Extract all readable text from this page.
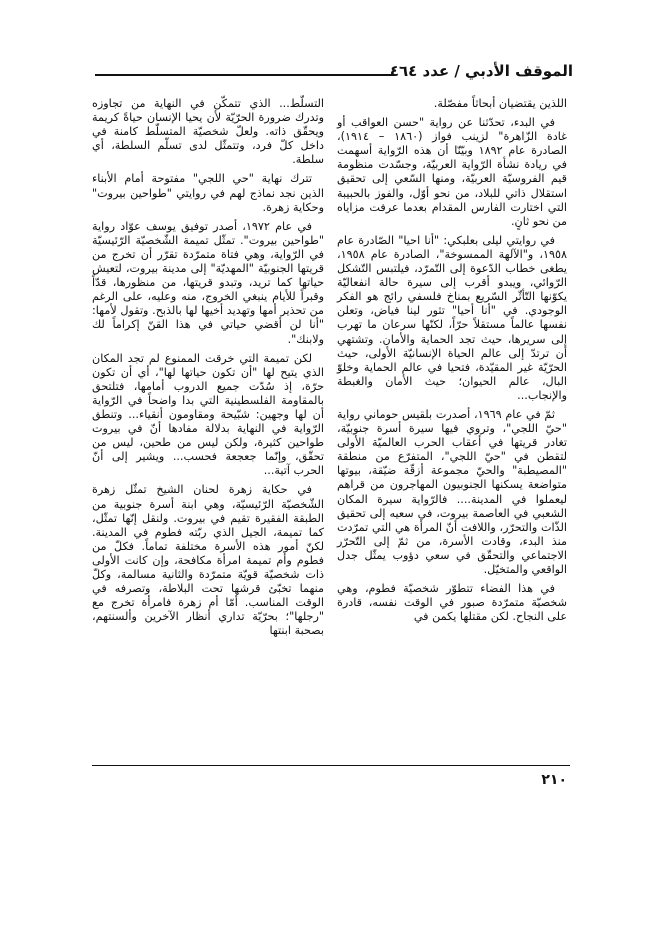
الموقف الأدبي / عدد ٤٦٤

اللذين يقتضيان أبحاثاً مفصّلة.

في البدء، تحدّثنا عن رواية "حسن العواقب أو غادة الزّاهرة" لزينب فواز (١٨٦٠ – ١٩١٤)، الصادرة عام ١٨٩٢ وبيّنّا أن هذه الرّواية أسهمت في ريادة نشأة الرّواية العربيّة، وجسّدت منظومة قيم الفروسيّة العربيّة، ومنها السّعي إلى تحقيق استقلال ذاتي للبلاد، من نحو أوّل، والفوز بالحبيبة التي اختارت الفارس المقدام بعدما عرفت مزاياه من نحو ثانٍ.

في روايتي ليلى بعلبكي: "أنا احيا" الصّادرة عام ١٩٥٨، و"الآلهة الممسوخة"، الصادرة عام ١٩٥٨، يطغى خطاب الدّعوة إلى التّمرّد، فيلتبس التّشكل الرّوائي، ويبدو أقرب إلى سيرة حالة انفعاليّة يكوّنها التّأثّر السّريع بمناخ فلسفي رائج هو الفكر الوجودي. في "أنا أحيا" تثور لينا فياض، وتعلن نفسها عالماً مستقلاً حرّاً، لكنّها سرعان ما تهرب إلى سريرها، حيث تجد الحماية والأمان. وتشتهي أن ترتدّ إلى عالم الحياة الإنسانيّة الأولى، حيث الحرّيّة غير المقيّدة، فتحيا في عالم الحماية وخلوّ البال، عالم الحيوان؛ حيث الأمان والغبطة والإنجاب...

ثمّ في عام ١٩٦٩، أصدرت بلقيس حوماني رواية "حيّ اللجي"، وتروي فيها سيرة أسرة جنوبيّة، تغادر قريتها في أعقاب الحرب العالميّة الأولى لتقطن في "حيّ اللجي"، المتفرّع من منطقة "المصيطبة" والحيّ مجموعة أزقّة ضيّقة، بيوتها متواضعة يسكنها الجنوبيون المهاجرون من قراهم ليعملوا في المدينة.... فالرّواية سيرة المكان الشعبي في العاصمة بيروت، في سعيه إلى تحقيق الذّات والتحرّر، واللافت أنّ المرأة هي التي تمرّدت منذ البدء، وقادت الأسرة، من ثمّ إلى التّحرّر الاجتماعي والتحقّق في سعي دؤوب يمثّل جدل الواقعي والمتخيّل.

في هذا الفضاء تتطوّر شخصيّة فطوم، وهي شخصيّة متمرّدة صبور في الوقت نفسه، قادرة على النجاح. لكن مقتلها يكمن في

التسلّط... الذي تتمكّن في النهاية من تجاوزه وتدرك ضرورة الحرّيّة لأن يحيا الإنسان حياةً كريمة ويحقّق ذاته. ولعلّ شخصيّة المتسلّط كامنة في داخل كلّ فرد، وتتمثّل لدى تسلّم السلطة، أي سلطة.

تترك نهاية "حي اللجي" مفتوحة أمام الأبناء الذين نجد نماذج لهم في روايتي "طواحين بيروت" وحكاية زهرة.

في عام ١٩٧٢، أصدر توفيق يوسف عوّاد رواية "طواحين بيروت". تمثّل تميمة الشّخصيّة الرّئيسيّة في الرّواية، وهي فتاة متمرّدة تقرّر أن تخرج من قريتها الجنوبيّة "المهديّة" إلى مدينة بيروت، لتعيش حياتها كما تريد، وتبدو قريتها، من منظورها، قدّاً وقبراً للأيام ينبغي الخروج، منه وعليه، على الرغم من تحذير أمها وتهديد أخيها لها بالذبح. وتقول لأمها: "أنا لن أقضي حياتي في هذا القنّ إكراماً لك ولابنك".

لكن تميمة التي خرقت الممنوع لم تجد المكان الذي يتيح لها "أن تكون حياتها لها"، أي أن تكون حرّة، إذ سُدّت جميع الدروب أمامها، فتلتحق بالمقاومة الفلسطينية التي بدا واضحاً في الرّواية أن لها وجهين: شبّيحة ومقاومون أنقياء... وتنطق الرّواية في النهاية بدلالة مفادها أنّ في بيروت طواحين كثيرة، ولكن ليس من طحين، ليس من تحقّق، وإنّما جعجعة فحسب... ويشير إلى أنّ الحرب آتية...

في حكاية زهرة لحنان الشيخ تمثّل زهرة الشّخصيّة الرّئيسيّة، وهي ابنة أسرة جنوبية من الطبقة الفقيرة تقيم في بيروت. ولنقل إنّها تمثّل، كما تميمة، الجيل الذي ربّته فطوم في المدينة. لكنّ أمور هذه الأسرة مختلفة تماماً. فكلّ من فطوم وأم تميمة امرأة مكافحة، وإن كانت الأولى ذات شخصيّة قويّة متمرّدة والثانية مسالمة، وكلّ منهما تخبّئ قرشها تحت البلاطة، وتصرفه في الوقت المناسب. أمّا أم زهرة فامرأة تخرج مع "رجلها"؛ بحرّيّة تداري أنظار الآخرين وألسنتهم، بصحبة ابنتها

٢١٠
